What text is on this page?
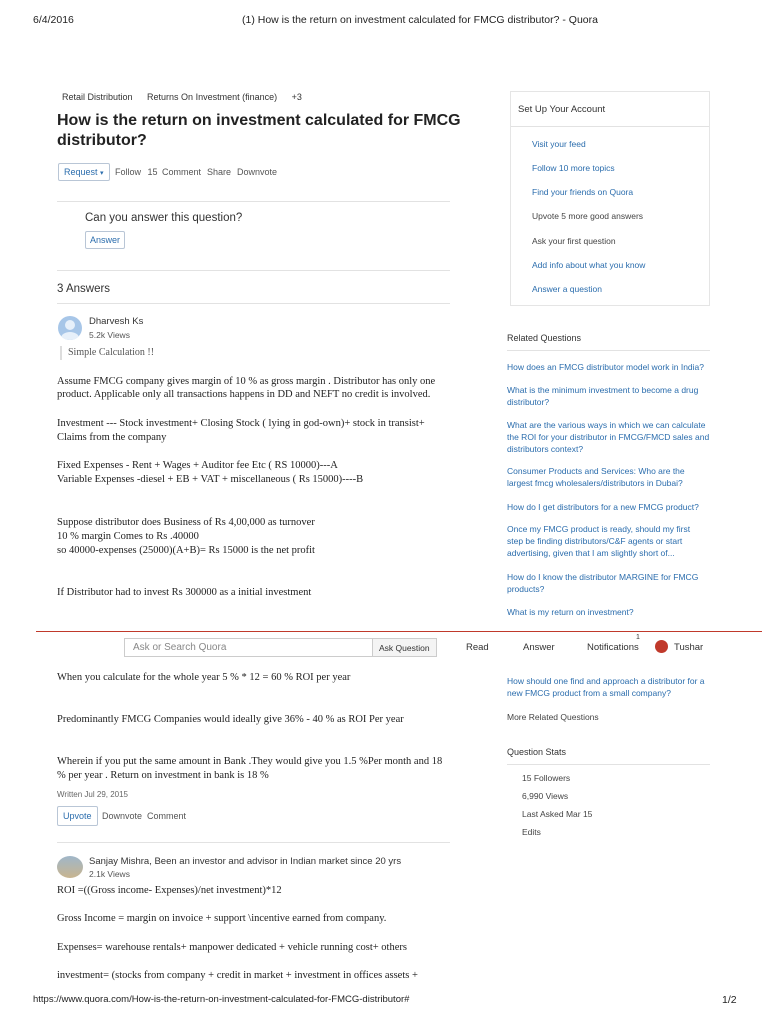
6/4/2016	(1) How is the return on investment calculated for FMCG distributor? - Quora
Retail Distribution Returns On Investment (finance) +3
How is the return on investment calculated for FMCG distributor?
Request ▾	Follow 15 Comment Share Downvote
Can you answer this question?
Answer
3 Answers
Dharvesh Ks
5.2k Views
Simple Calculation !!
Assume FMCG company gives margin of 10 % as gross margin . Distributor has only one
product. Applicable only all transactions happens in DD and NEFT no credit is involved.
Investment --- Stock investment+ Closing Stock ( lying in god-own)+ stock in transist+
Claims from the company
Fixed Expenses - Rent + Wages + Auditor fee Etc ( RS 10000)---A
Variable Expenses -diesel + EB + VAT + miscellaneous ( Rs 15000)----B
Suppose distributor does Business of Rs 4,00,000 as turnover
10 % margin Comes to Rs .40000
so 40000-expenses (25000)(A+B)= Rs 15000 is the net profit
If Distributor had to invest Rs 300000 as a initial investment
Ask or Search Quora	Ask Question	Read	Answer	Notifications
1
Tushar
When you calculate for the whole year 5 % * 12 = 60 % ROI per year
Predominantly FMCG Companies would ideally give 36% - 40 % as ROI Per year
Wherein if you put the same amount in Bank .They would give you 1.5 %Per month and 18
% per year . Return on investment in bank is 18 %
Written Jul 29, 2015
Upvote	Downvote Comment
Sanjay Mishra, Been an investor and advisor in Indian market since 20 yrs
2.1k Views
ROI =((Gross income- Expenses)/net investment)*12
Gross Income = margin on invoice + support \incentive earned from company.
Expenses= warehouse rentals+ manpower dedicated + vehicle running cost+ others
investment= (stocks from company + credit in market + investment in offices assets +
Set Up Your Account
Visit your feed
Follow 10 more topics
Find your friends on Quora
Upvote 5 more good answers
Ask your first question
Add info about what you know
Answer a question
Related Questions
How does an FMCG distributor model work in India?
What is the minimum investment to become a drug
distributor?
What are the various ways in which we can calculate
the ROI for your distributor in FMCG/FMCD sales and
distributors context?
Consumer Products and Services: Who are the
largest fmcg wholesalers/distributors in Dubai?
How do I get distributors for a new FMCG product?
Once my FMCG product is ready, should my first
step be finding distributors/C&F agents or start
advertising, given that I am slightly short of...
How do I know the distributor MARGINE for FMCG
products?
What is my return on investment?
How should one find and approach a distributor for a
new FMCG product from a small company?
More Related Questions
Question Stats
15 Followers
6,990 Views
Last Asked Mar 15
Edits
https://www.quora.com/How-is-the-return-on-investment-calculated-for-FMCG-distributor#	1/2
